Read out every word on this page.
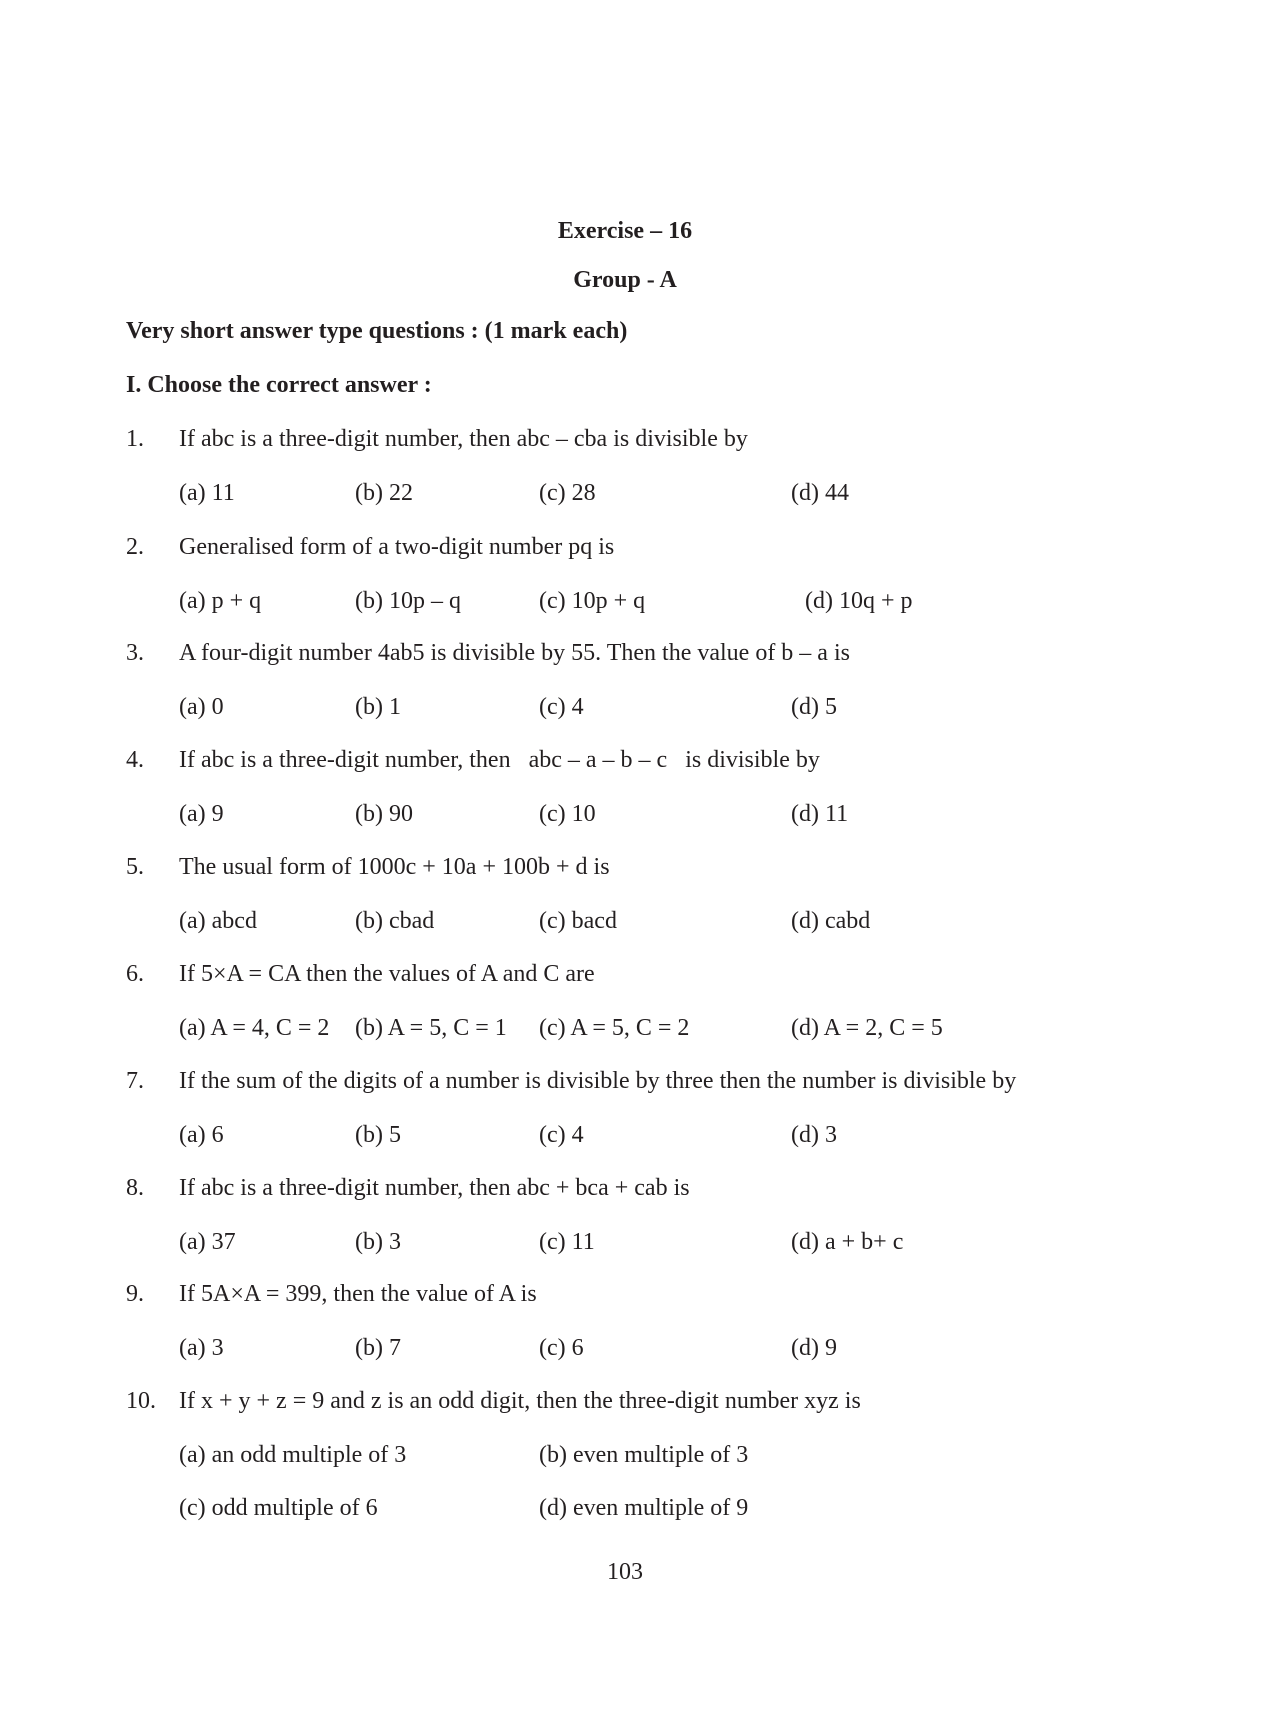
Exercise – 16
Group - A
Very short answer type questions : (1 mark each)
I. Choose the correct answer :
1. If abc is a three-digit number, then abc – cba is divisible by
(a) 11	(b) 22	(c) 28	(d) 44
2. Generalised form of a two-digit number pq is
(a) p + q	(b) 10p – q	(c) 10p + q	(d) 10q + p
3. A four-digit number 4ab5 is divisible by 55. Then the value of b – a is
(a) 0	(b) 1	(c) 4	(d) 5
4. If abc is a three-digit number, then   abc – a – b – c   is divisible by
(a) 9	(b) 90	(c) 10	(d) 11
5. The usual form of 1000c + 10a + 100b + d is
(a) abcd	(b) cbad	(c) bacd	(d) cabd
6. If 5×A = CA then the values of A and C are
(a) A = 4, C = 2 (b) A = 5, C = 1 (c) A = 5, C = 2	(d) A = 2, C = 5
7. If the sum of the digits of a number is divisible by three then the number is divisible by
(a) 6	(b) 5	(c) 4	(d) 3
8. If abc is a three-digit number, then abc + bca + cab is
(a) 37	(b) 3	(c) 11	(d) a + b+ c
9. If 5A×A = 399, then the value of A is
(a) 3	(b) 7	(c) 6	(d) 9
10. If x + y + z = 9 and z is an odd digit, then the three-digit number xyz is
(a) an odd multiple of 3	(b) even multiple of 3
(c) odd multiple of 6	(d) even multiple of 9
103
